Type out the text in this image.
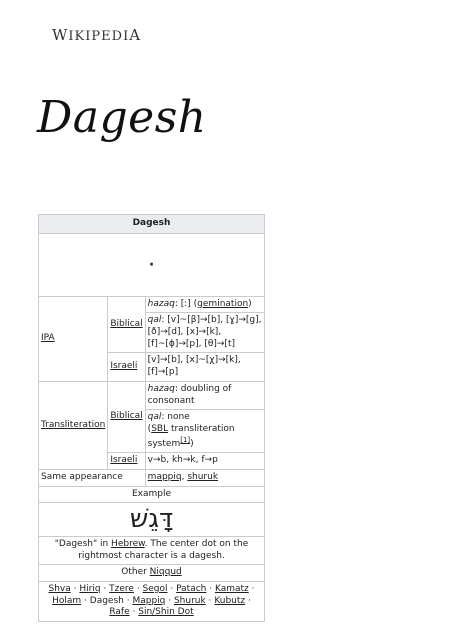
WIKIPEDIA
Dagesh
Dagesh		
·		
IPA	Biblical	hazaq: [ː] (gemination)
		qal: [v]~[β]→[b], [ɣ]→[g],
[ð]→[d], [x]→[k],
[f]~[ɸ]→[p], [θ]→[t]
	Israeli	[v]→[b], [x]~[χ]→[k], [f]→[p]
Transliteration	Biblical	hazaq: doubling of consonant
		qal: none
(SBL transliteration system[1])
	Israeli	v→b, kh→k, f→p
Same appearance		mappiq, shuruk
Example		
דָּגֵשׁ		
"Dagesh" in Hebrew. The center dot on the rightmost character is a dagesh.		
Other Niqqud		
Shva · Hiriq · Tzere · Segol · Patach · Kamatz · Holam · Dagesh · Mappiq · Shuruk · Kubutz · Rafe · Sin/Shin Dot		
